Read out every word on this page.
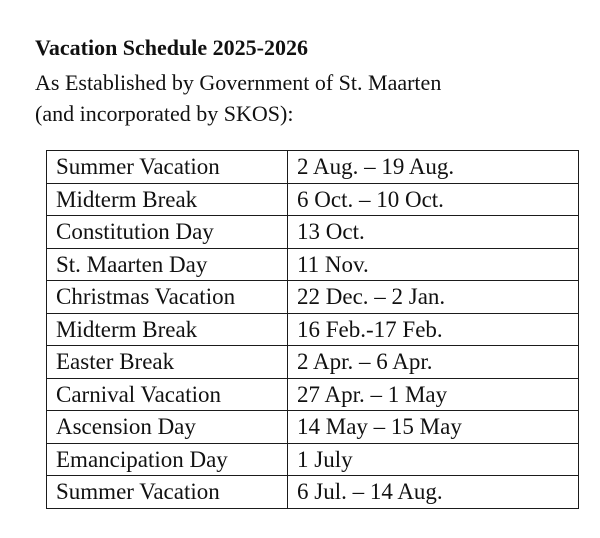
Vacation Schedule 2025-2026
As Established by Government of St. Maarten
(and incorporated by SKOS):
Summer Vacation	2 Aug. – 19 Aug.
Midterm Break	6 Oct. – 10 Oct.
Constitution Day	13 Oct.
St. Maarten Day	11 Nov.
Christmas Vacation	22 Dec. – 2 Jan.
Midterm Break	16 Feb.-17 Feb.
Easter Break	2 Apr. – 6 Apr.
Carnival Vacation	27 Apr. – 1 May
Ascension Day	14 May – 15 May
Emancipation Day	1 July
Summer Vacation	6 Jul. – 14 Aug.
